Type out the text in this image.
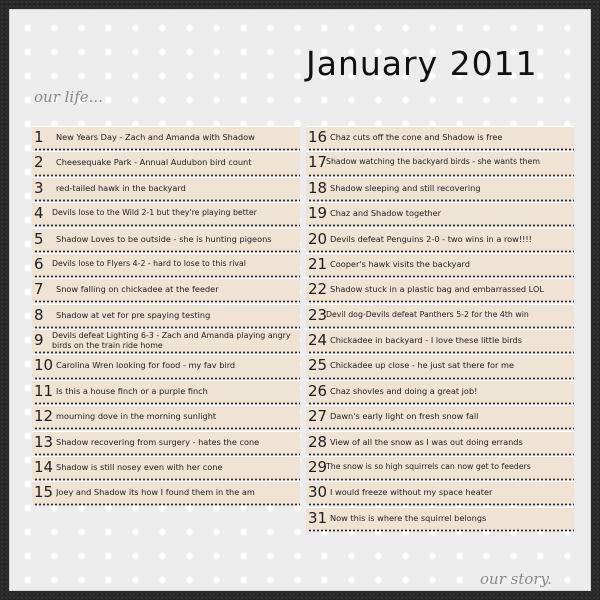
January 2011
our life...
our story.
1 New Years Day - Zach and Amanda with Shadow
2 Cheesequake Park - Annual Audubon bird count
3 red-tailed hawk in the backyard
4 Devils lose to the Wild 2-1 but they're playing better
5 Shadow Loves to be outside - she is hunting pigeons
6 Devils lose to Flyers 4-2 - hard to lose to this rival
7 Snow falling on chickadee at the feeder
8 Shadow at vet for pre spaying testing
9 Devils defeat Lighting 6-3 - Zach and Amanda playing angry birds on the train ride home
10 Carolina Wren looking for food - my fav bird
11 Is this a house finch or a purple finch
12 mourning dove in the morning sunlight
13 Shadow recovering from surgery - hates the cone
14 Shadow is still nosey even with her cone
15 Joey and Shadow its how I found them in the am
16 Chaz cuts off the cone and Shadow is free
17
Shadow watching the backyard birds - she wants them
18 Shadow sleeping and still recovering
19 Chaz and Shadow together
20 Devils defeat Penguins 2-0 - two wins in a row!!!!
21 Cooper's hawk visits the backyard
22 Shadow stuck in a plastic bag and embarrassed LOL
23
Devil dog-Devils defeat Panthers 5-2 for the 4th win
24 Chickadee in backyard - I love these little birds
25 Chickadee up close - he just sat there for me
26 Chaz shovles and doing a great job!
27 Dawn's early light on fresh snow fall
28 View of all the snow as I was out doing errands
29
The snow is so high squirrels can now get to feeders
30 I would freeze without my space heater
31 Now this is where the squirrel belongs
